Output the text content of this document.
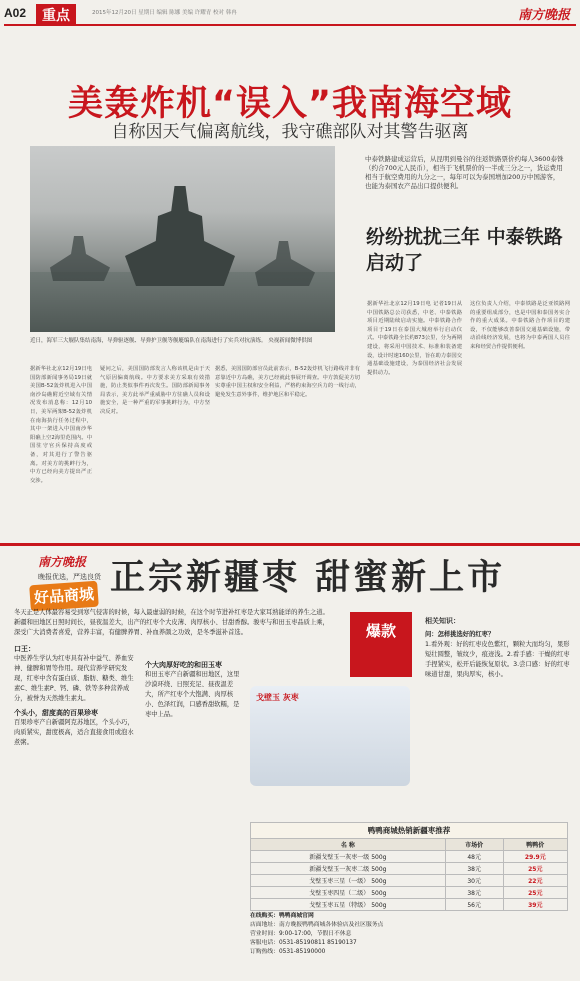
A02	重点	2015年12月20日 星期日 编辑 陈娜 美编 许耀青 校对 韩冉	南方晚报
美轰炸机“误入”我南海空域
自称因天气偏离航线，我守礁部队对其警告驱离
近日，海军三大舰队集结南海，导弹驱逐舰、导弹护卫舰等舰艇编队在南海进行了实兵对抗演练。 央视新闻微博供图
中泰铁路建成运营后，从昆明到曼谷的往返铁路票价约每人3600泰铢（约合700元人民币），相当于飞机票价的一半或三分之一，货运费用相当于航空费用的九分之一，每年可以为泰国增加200万中国游客，也能为泰国农产品出口提供便利。
纷纷扰扰三年 中泰铁路启动了
据新华社北京12月19日电 国防部新闻事务局19日就美国B-52轰炸机进入中国南沙岛礁附近空域有关情况发布消息称：12月10日，美军两架B-52轰炸机在南海执行任务过程中，其中一架进入中国南沙华阳礁上空2海里范围内。中国驻守官兵保持高度戒备，对其进行了警告驱离。对美方的挑衅行为，中方已经向美方提出严正交涉。
疑问之后，美国国防部发言人称该机是由于天气原因偏离航线。中方要求美方采取有效措施，防止类似事件再次发生。国防部新闻事务局表示，美方此举严重威胁中方驻礁人员和设施安全，是一种严重的军事挑衅行为，中方坚决反对。
据悉，美国国防部官员此前表示，B-52轰炸机飞行路线并非有意靠近中方岛礁，美方已经就此事展开调查。中方敦促美方切实尊重中国主权和安全利益，严格约束海空兵力的一线行动，避免发生意外事件，维护地区和平稳定。
据新华社北京12月19日电 记者19日从中国铁路总公司获悉，中老、中泰铁路项目近期陆续启动实施。中泰铁路合作项目于19日在泰国大城府举行启动仪式。中泰铁路全长约873公里，分为两期建设，将采用中国技术、标准和装备建设，设计时速160公里，旨在助力泰国交通基础设施建设，为泰国经济社会发展提供动力。
这位负责人介绍，中泰铁路是泛亚铁路网的重要组成部分，也是中国和泰国务实合作的重大成果。中泰铁路合作项目的建设，不仅能够改善泰国交通基础设施，带动沿线经济发展，也将为中泰两国人员往来和经贸合作提供便利。
南方晚报
晚报优选，严选良货
好品商城 正宗新疆枣 甜蜜新上市
冬天正是人体最容易受到寒气侵害的时候，每入最虚弱的时候，在这个时节进补红枣是大家耳熟能详的养生之道。新疆和田地区日照时间长，昼夜温差大，出产的红枣个大皮薄、肉厚核小、甘甜香醇。骏枣与和田玉枣品质上乘，深受广大消费者喜爱，营养丰富，有健脾养胃、补血养颜之功效，是冬季滋补首选。
口王：
中医养生学认为红枣具有补中益气、养血安神、健脾和胃等作用。现代营养学研究发现，红枣中含有蛋白质、脂肪、糖类、维生素C、维生素P、钙、磷、铁等多种营养成分，被誉为天然维生素丸。
个头小，甜度高的百果珍枣
百果珍枣产自新疆阿克苏地区，个头小巧，肉质紧实，甜度极高，适合直接食用或泡水煮粥。
个大肉厚好吃的和田玉枣
和田玉枣产自新疆和田地区，这里沙漠环绕、日照充足、昼夜温差大，所产红枣个大饱满、肉厚核小、色泽红润，口感香甜软糯，是枣中上品。
戈壁玉 灰枣
爆款
相关知识：
问：怎样挑选好的红枣？
1.看外观：好的红枣皮色紫红，颗粒大而均匀，果形短壮圆整，皱纹少，痕迹浅。2.看手感：干燥的红枣手捏紧实，松开后能恢复原状。3.尝口感：好的红枣味道甘甜，果肉厚实，核小。
鸭鸭商城热销新疆枣推荐
名 称	市场价	鸭鸭价
新疆戈壁玉一灰枣一级 500g	48元	29.9元
新疆戈壁玉一灰枣二级 500g	38元	25元
戈壁玉枣三星（一级） 500g	30元	22元
戈壁玉枣四星（二级） 500g	38元	25元
戈壁玉枣五星（特级） 500g	56元	39元
在线购买：鸭鸭商城官网
店面地址：南方晚报鸭鸭商城各体验店及社区服务点
营业时间：9:00-17:00，节假日不休息
客服电话：0531-85190811 85190137
订购热线：0531-85190000
